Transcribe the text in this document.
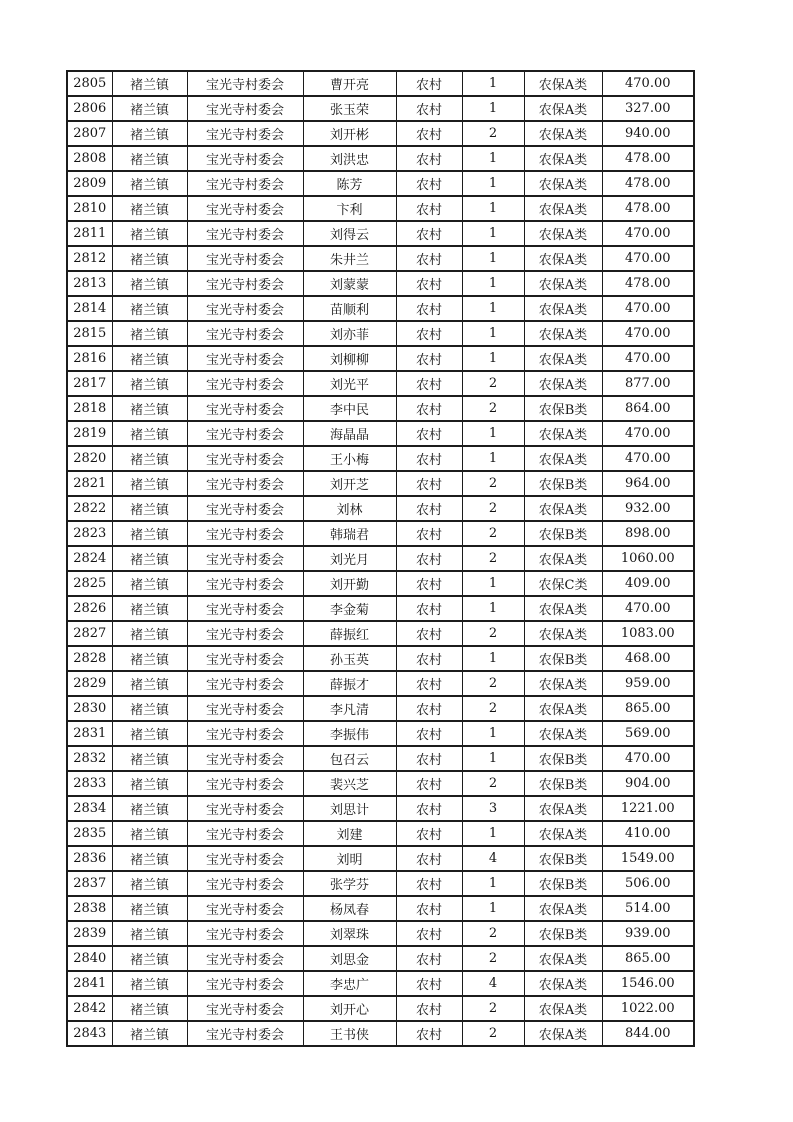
2805	褚兰镇	宝光寺村委会	曹开亮	农村	1	农保A类	470.00
2806	褚兰镇	宝光寺村委会	张玉荣	农村	1	农保A类	327.00
2807	褚兰镇	宝光寺村委会	刘开彬	农村	2	农保A类	940.00
2808	褚兰镇	宝光寺村委会	刘洪忠	农村	1	农保A类	478.00
2809	褚兰镇	宝光寺村委会	陈芳	农村	1	农保A类	478.00
2810	褚兰镇	宝光寺村委会	卞利	农村	1	农保A类	478.00
2811	褚兰镇	宝光寺村委会	刘得云	农村	1	农保A类	470.00
2812	褚兰镇	宝光寺村委会	朱井兰	农村	1	农保A类	470.00
2813	褚兰镇	宝光寺村委会	刘蒙蒙	农村	1	农保A类	478.00
2814	褚兰镇	宝光寺村委会	苗顺利	农村	1	农保A类	470.00
2815	褚兰镇	宝光寺村委会	刘亦菲	农村	1	农保A类	470.00
2816	褚兰镇	宝光寺村委会	刘柳柳	农村	1	农保A类	470.00
2817	褚兰镇	宝光寺村委会	刘光平	农村	2	农保A类	877.00
2818	褚兰镇	宝光寺村委会	李中民	农村	2	农保B类	864.00
2819	褚兰镇	宝光寺村委会	海晶晶	农村	1	农保A类	470.00
2820	褚兰镇	宝光寺村委会	王小梅	农村	1	农保A类	470.00
2821	褚兰镇	宝光寺村委会	刘开芝	农村	2	农保B类	964.00
2822	褚兰镇	宝光寺村委会	刘林	农村	2	农保A类	932.00
2823	褚兰镇	宝光寺村委会	韩瑞君	农村	2	农保B类	898.00
2824	褚兰镇	宝光寺村委会	刘光月	农村	2	农保A类	1060.00
2825	褚兰镇	宝光寺村委会	刘开勤	农村	1	农保C类	409.00
2826	褚兰镇	宝光寺村委会	李金菊	农村	1	农保A类	470.00
2827	褚兰镇	宝光寺村委会	薛振红	农村	2	农保A类	1083.00
2828	褚兰镇	宝光寺村委会	孙玉英	农村	1	农保B类	468.00
2829	褚兰镇	宝光寺村委会	薛振才	农村	2	农保A类	959.00
2830	褚兰镇	宝光寺村委会	李凡清	农村	2	农保A类	865.00
2831	褚兰镇	宝光寺村委会	李振伟	农村	1	农保A类	569.00
2832	褚兰镇	宝光寺村委会	包召云	农村	1	农保B类	470.00
2833	褚兰镇	宝光寺村委会	裴兴芝	农村	2	农保B类	904.00
2834	褚兰镇	宝光寺村委会	刘思计	农村	3	农保A类	1221.00
2835	褚兰镇	宝光寺村委会	刘建	农村	1	农保A类	410.00
2836	褚兰镇	宝光寺村委会	刘明	农村	4	农保B类	1549.00
2837	褚兰镇	宝光寺村委会	张学芬	农村	1	农保B类	506.00
2838	褚兰镇	宝光寺村委会	杨凤春	农村	1	农保A类	514.00
2839	褚兰镇	宝光寺村委会	刘翠珠	农村	2	农保B类	939.00
2840	褚兰镇	宝光寺村委会	刘思金	农村	2	农保A类	865.00
2841	褚兰镇	宝光寺村委会	李忠广	农村	4	农保A类	1546.00
2842	褚兰镇	宝光寺村委会	刘开心	农村	2	农保A类	1022.00
2843	褚兰镇	宝光寺村委会	王书侠	农村	2	农保A类	844.00
